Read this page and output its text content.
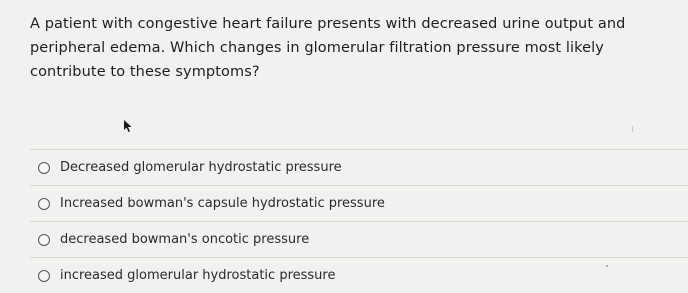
A patient with congestive heart failure presents with decreased urine output and peripheral edema. Which changes in glomerular filtration pressure most likely contribute to these symptoms?

Decreased glomerular hydrostatic pressure
Increased bowman's capsule hydrostatic pressure
decreased bowman's oncotic pressure
increased glomerular hydrostatic pressure
